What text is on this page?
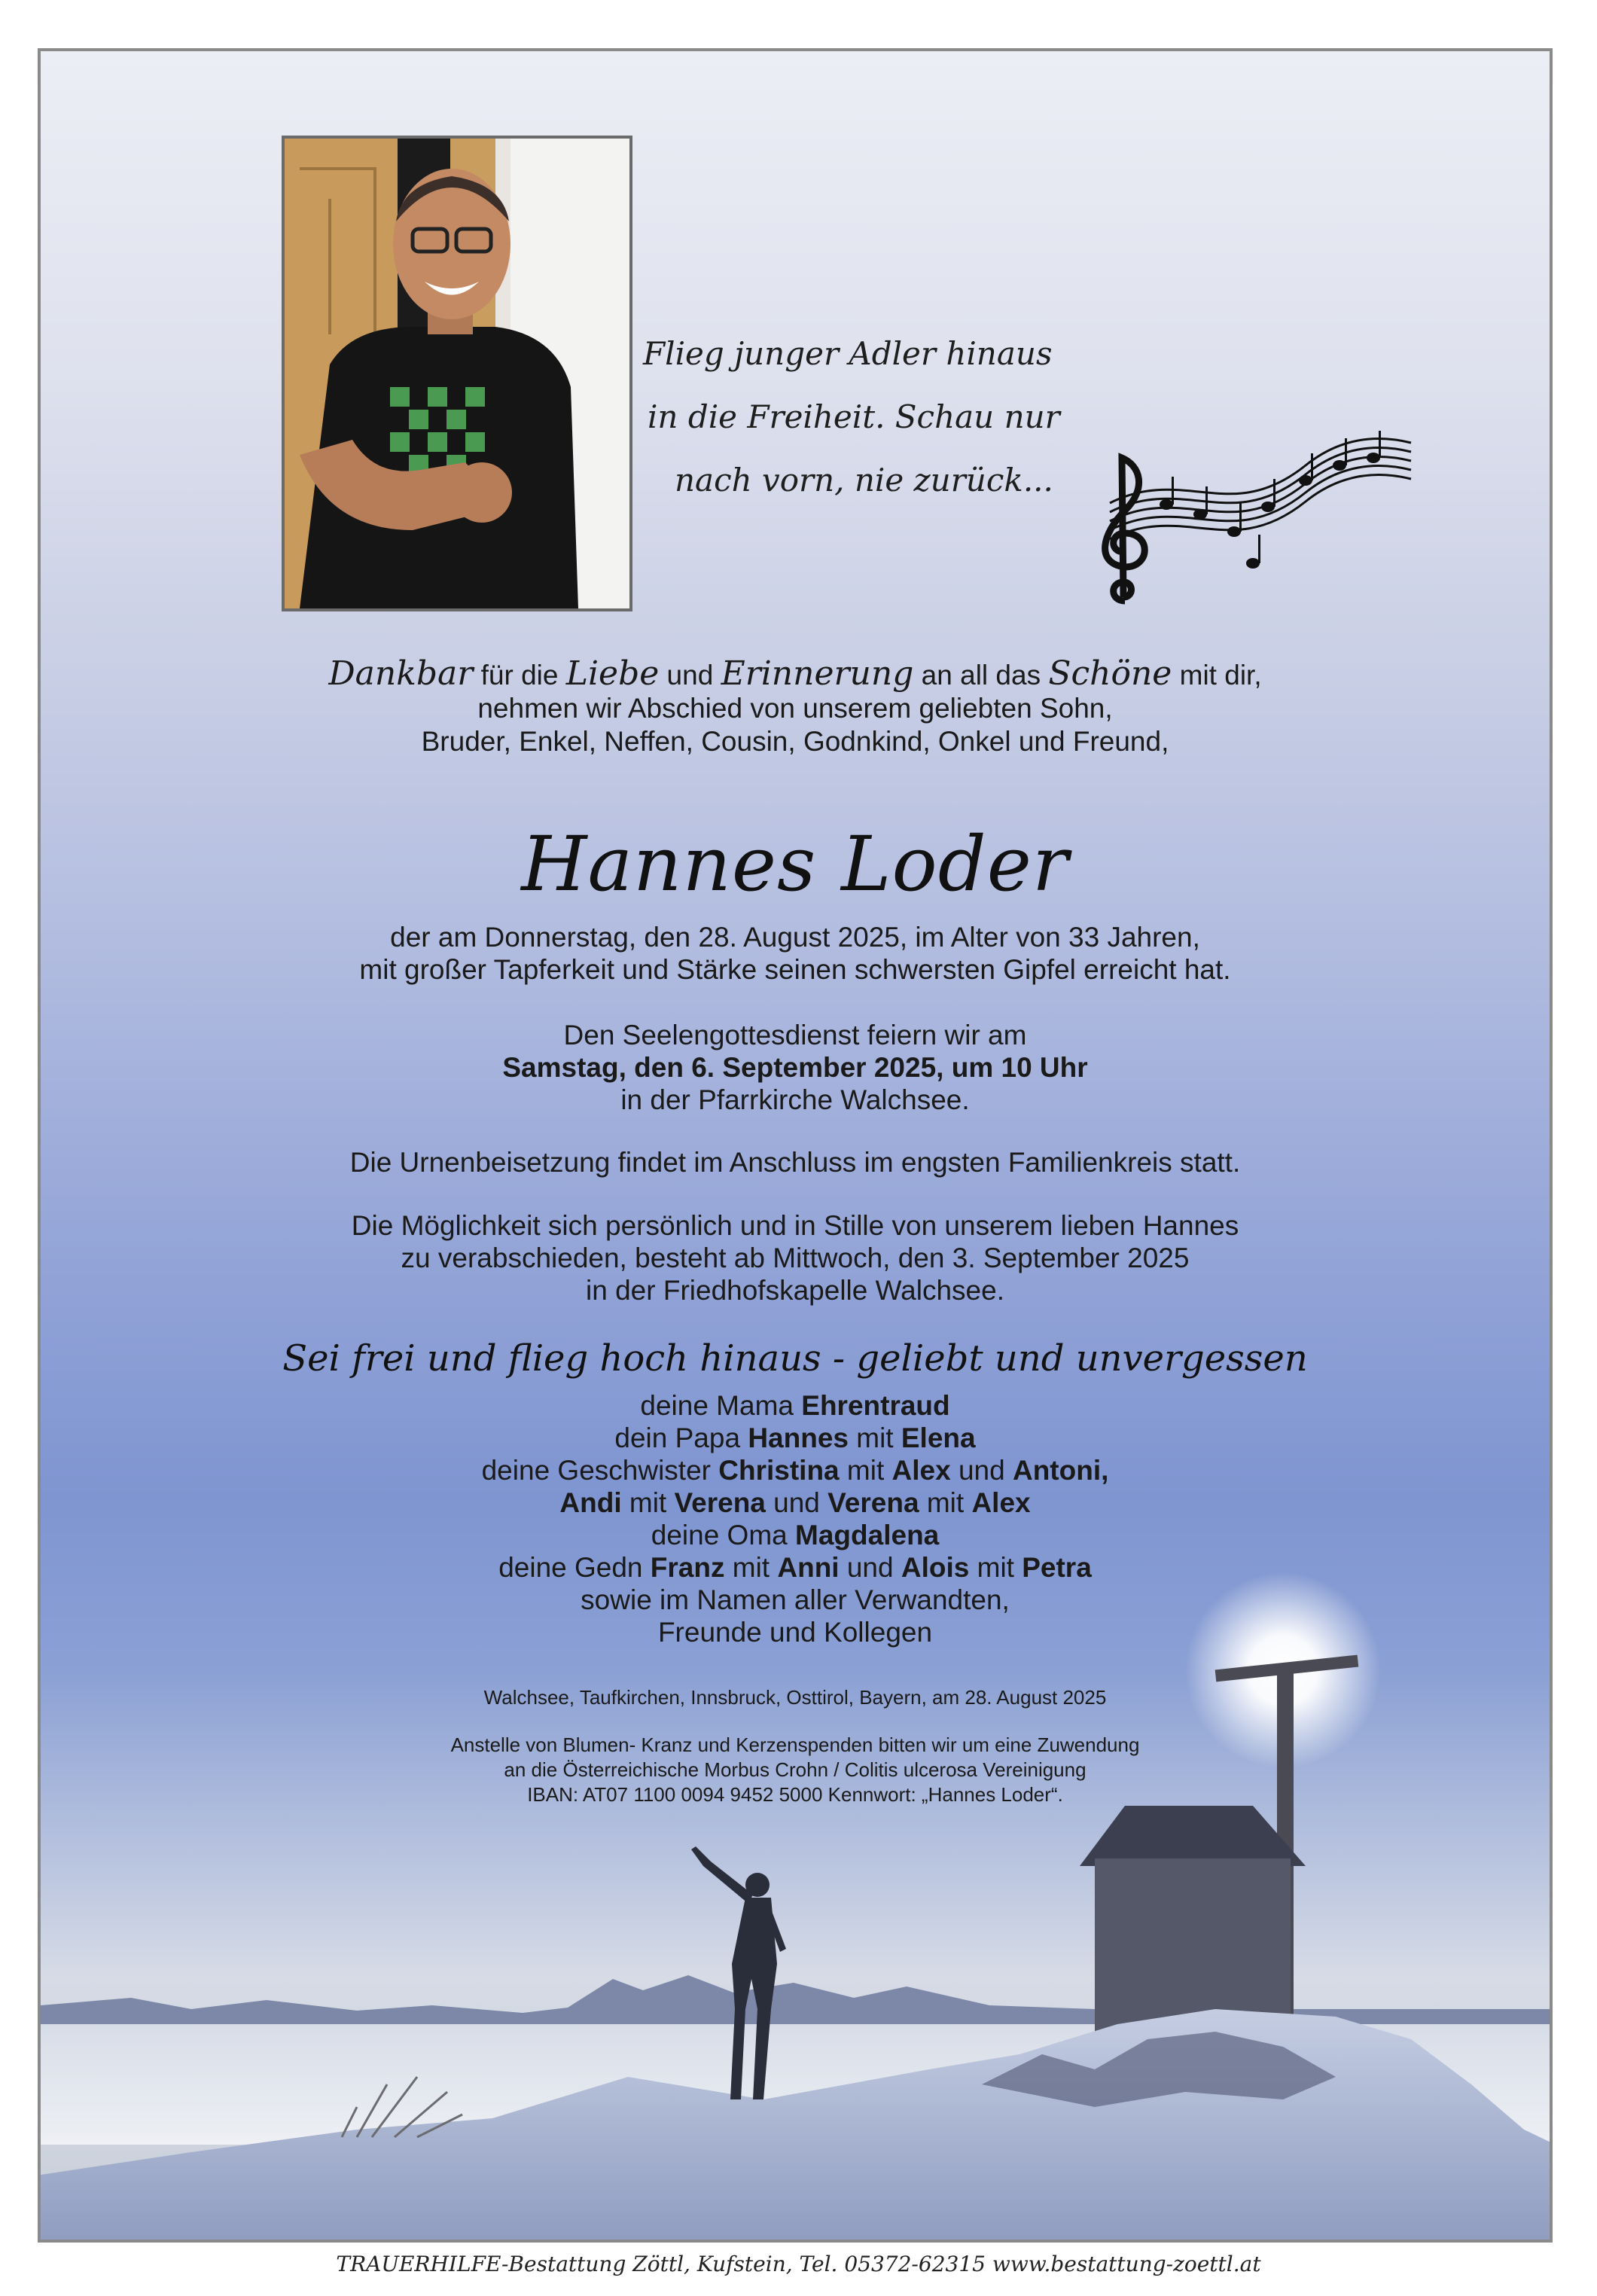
Flieg junger Adler hinaus
in die Freiheit. Schau nur
nach vorn, nie zurück...
Dankbar für die Liebe und Erinnerung an all das Schöne mit dir,
nehmen wir Abschied von unserem geliebten Sohn,
Bruder, Enkel, Neffen, Cousin, Godnkind, Onkel und Freund,
Hannes Loder
der am Donnerstag, den 28. August 2025, im Alter von 33 Jahren,
mit großer Tapferkeit und Stärke seinen schwersten Gipfel erreicht hat.
Den Seelengottesdienst feiern wir am
Samstag, den 6. September 2025, um 10 Uhr
in der Pfarrkirche Walchsee.
Die Urnenbeisetzung findet im Anschluss im engsten Familienkreis statt.
Die Möglichkeit sich persönlich und in Stille von unserem lieben Hannes
zu verabschieden, besteht ab Mittwoch, den 3. September 2025
in der Friedhofskapelle Walchsee.
Sei frei und flieg hoch hinaus - geliebt und unvergessen
deine Mama Ehrentraud
dein Papa Hannes mit Elena
deine Geschwister Christina mit Alex und Antoni,
Andi mit Verena und Verena mit Alex
deine Oma Magdalena
deine Gedn Franz mit Anni und Alois mit Petra
sowie im Namen aller Verwandten,
Freunde und Kollegen
Walchsee, Taufkirchen, Innsbruck, Osttirol, Bayern, am 28. August 2025
Anstelle von Blumen- Kranz und Kerzenspenden bitten wir um eine Zuwendung
an die Österreichische Morbus Crohn / Colitis ulcerosa Vereinigung
IBAN: AT07 1100 0094 9452 5000 Kennwort: „Hannes Loder“.
TRAUERHILFE-Bestattung Zöttl, Kufstein, Tel. 05372-62315 www.bestattung-zoettl.at
